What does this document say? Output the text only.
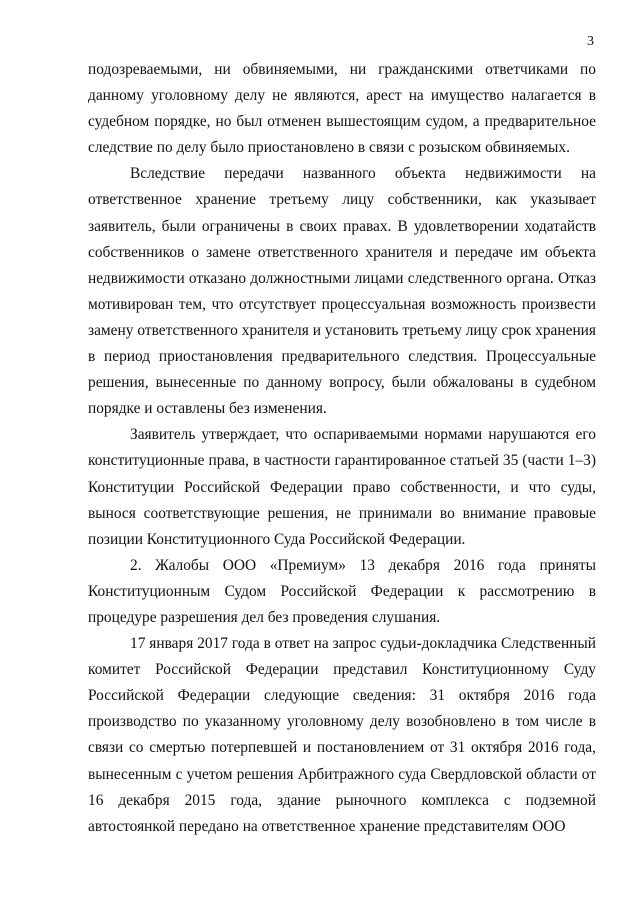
3

подозреваемыми, ни обвиняемыми, ни гражданскими ответчиками по данному уголовному делу не являются, арест на имущество налагается в судебном порядке, но был отменен вышестоящим судом, а предварительное следствие по делу было приостановлено в связи с розыском обвиняемых.

Вследствие передачи названного объекта недвижимости на ответственное хранение третьему лицу собственники, как указывает заявитель, были ограничены в своих правах. В удовлетворении ходатайств собственников о замене ответственного хранителя и передаче им объекта недвижимости отказано должностными лицами следственного органа. Отказ мотивирован тем, что отсутствует процессуальная возможность произвести замену ответственного хранителя и установить третьему лицу срок хранения в период приостановления предварительного следствия. Процессуальные решения, вынесенные по данному вопросу, были обжалованы в судебном порядке и оставлены без изменения.

Заявитель утверждает, что оспариваемыми нормами нарушаются его конституционные права, в частности гарантированное статьей 35 (части 1–3) Конституции Российской Федерации право собственности, и что суды, вынося соответствующие решения, не принимали во внимание правовые позиции Конституционного Суда Российской Федерации.

2. Жалобы ООО «Премиум» 13 декабря 2016 года приняты Конституционным Судом Российской Федерации к рассмотрению в процедуре разрешения дел без проведения слушания.

17 января 2017 года в ответ на запрос судьи-докладчика Следственный комитет Российской Федерации представил Конституционному Суду Российской Федерации следующие сведения: 31 октября 2016 года производство по указанному уголовному делу возобновлено в том числе в связи со смертью потерпевшей и постановлением от 31 октября 2016 года, вынесенным с учетом решения Арбитражного суда Свердловской области от 16 декабря 2015 года, здание рыночного комплекса с подземной автостоянкой передано на ответственное хранение представителям ООО
